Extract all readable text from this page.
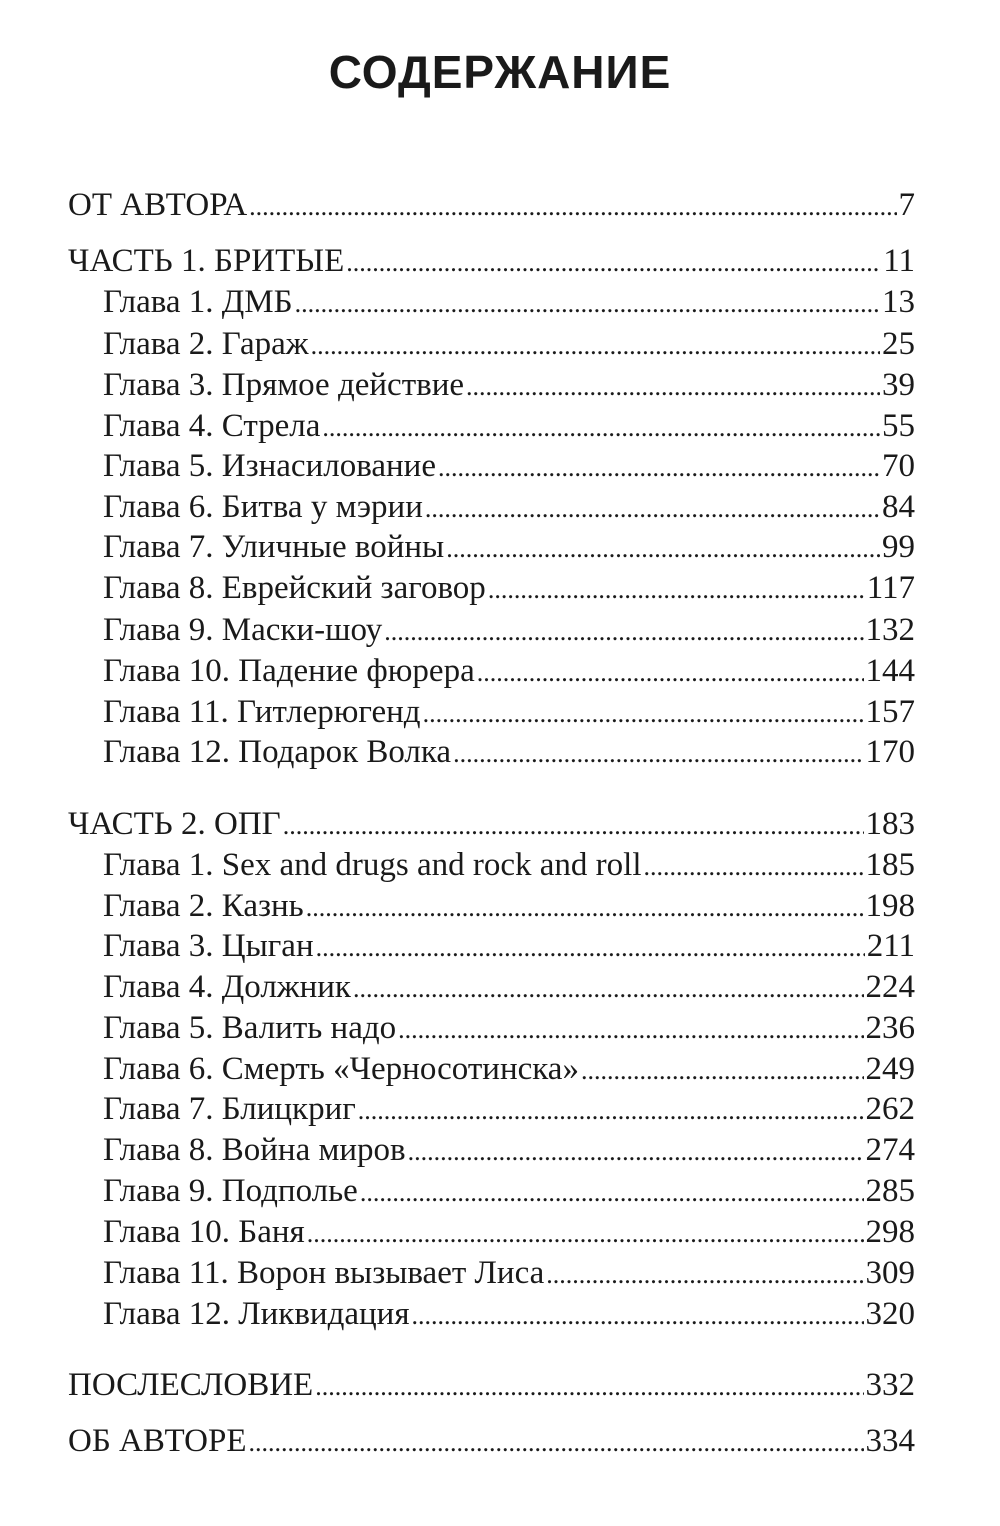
СОДЕРЖАНИЕ
ОТ АВТОРА .....	7
ЧАСТЬ 1. БРИТЫЕ .....	11
Глава 1. ДМБ .....	13
Глава 2. Гараж .....	25
Глава 3. Прямое действие .....	39
Глава 4. Стрела .....	55
Глава 5. Изнасилование .....	70
Глава 6. Битва у мэрии .....	84
Глава 7. Уличные войны .....	99
Глава 8. Еврейский заговор .....	117
Глава 9. Маски-шоу .....	132
Глава 10. Падение фюрера .....	144
Глава 11. Гитлерюгенд .....	157
Глава 12. Подарок Волка .....	170
ЧАСТЬ 2. ОПГ .....	183
Глава 1. Sex and drugs and rock and roll .....	185
Глава 2. Казнь .....	198
Глава 3. Цыган .....	211
Глава 4. Должник .....	224
Глава 5. Валить надо .....	236
Глава 6. Смерть «Черносотинска» .....	249
Глава 7. Блицкриг .....	262
Глава 8. Война миров .....	274
Глава 9. Подполье .....	285
Глава 10. Баня .....	298
Глава 11. Ворон вызывает Лиса .....	309
Глава 12. Ликвидация .....	320
ПОСЛЕСЛОВИЕ .....	332
ОБ АВТОРЕ .....	334
